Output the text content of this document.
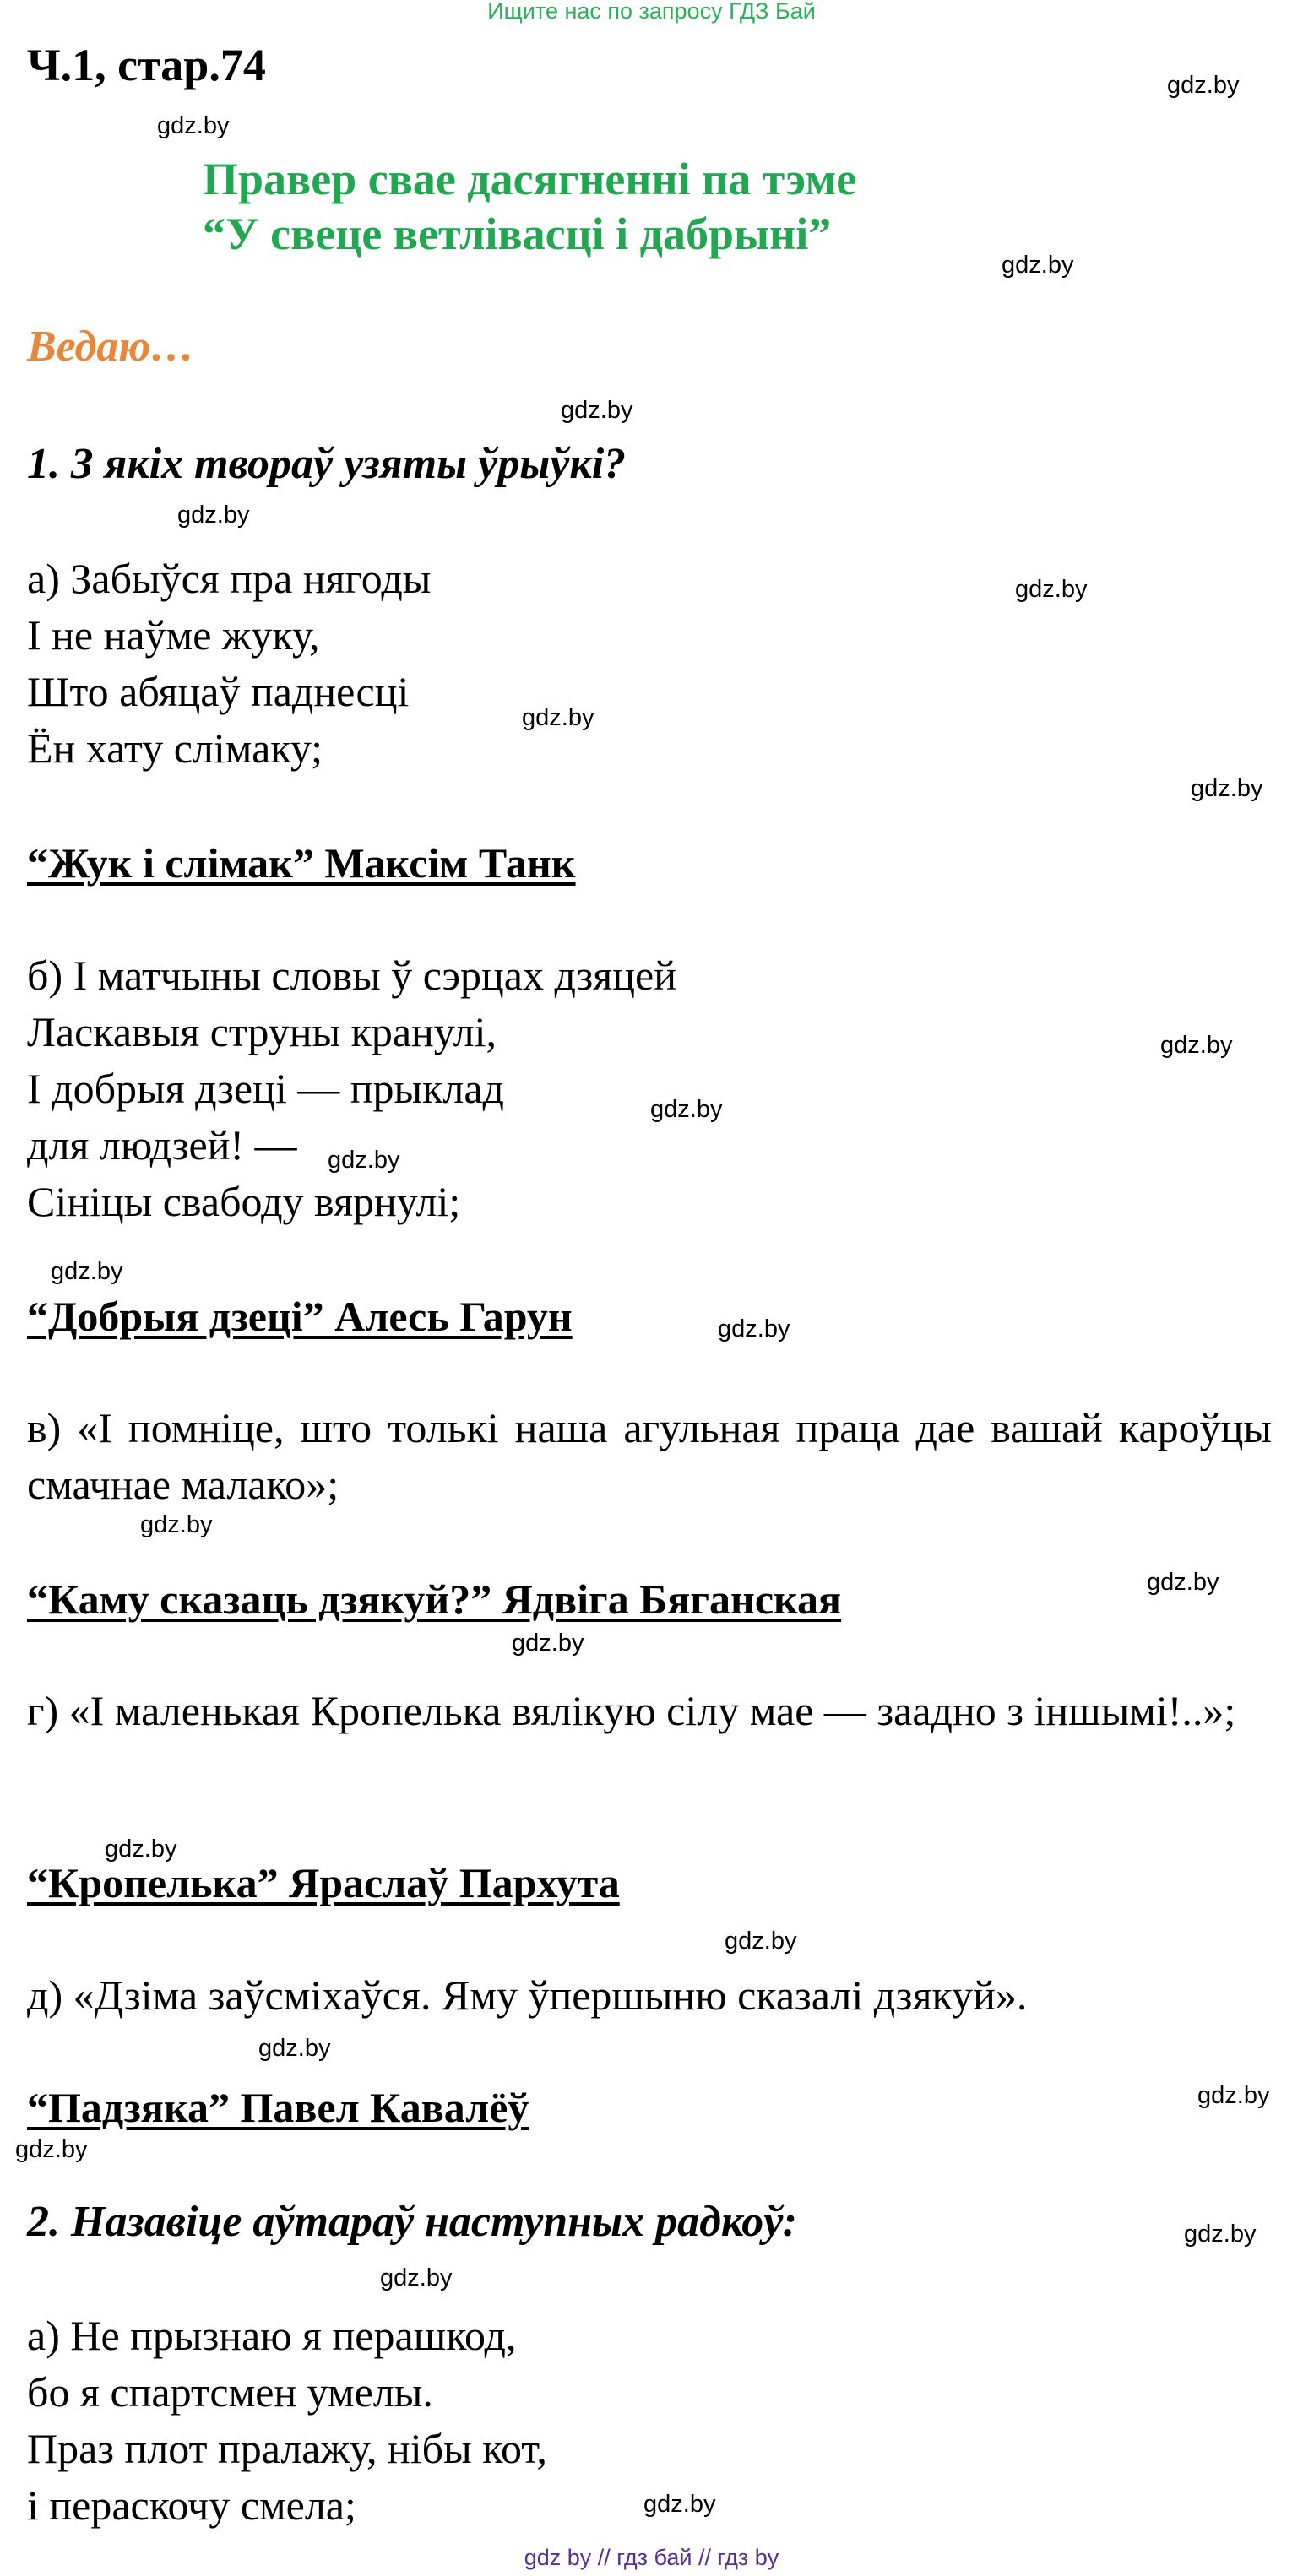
Ищите нас по запросу ГДЗ Бай
Ч.1, стар.74
Правер свае дасягненні па тэме
“У свеце ветлівасці і дабрыні”
Ведаю…
1. З якіх твораў узяты ўрыўкі?
а) Забыўся пра нягоды
І не наўме жуку,
Што абяцаў паднесці
Ён хату слімаку;
“Жук і слімак” Максім Танк
б) І матчыны словы ў сэрцах дзяцей
Ласкавыя струны кранулі,
І добрыя дзеці — прыклад
для людзей! —
Сініцы свабоду вярнулі;
“Добрыя дзеці” Алесь Гарун
в) «І помніце, што толькі наша агульная праца дае вашай кароўцы смачнае малако»;
“Каму сказаць дзякуй?” Ядвіга Бяганская
г) «І маленькая Кропелька вялікую сілу мае — заадно з іншымі!..»;
“Кропелька” Яраслаў Пархута
д) «Дзіма заўсміхаўся. Яму ўпершыню сказалі дзякуй».
“Падзяка” Павел Кавалёў
2. Назавіце аўтараў наступных радкоў:
а) Не прызнаю я перашкод,
бо я спартсмен умелы.
Праз плот пралажу, нібы кот,
і пераскочу смела;
gdz.by
gdz.by
gdz.by
gdz.by
gdz.by
gdz.by
gdz.by
gdz.by
gdz.by
gdz.by
gdz.by
gdz.by
gdz.by
gdz.by
gdz.by
gdz.by
gdz.by
gdz.by
gdz.by
gdz.by
gdz.by
gdz.by
gdz.by
gdz.by
gdz by // гдз бай // гдз by
